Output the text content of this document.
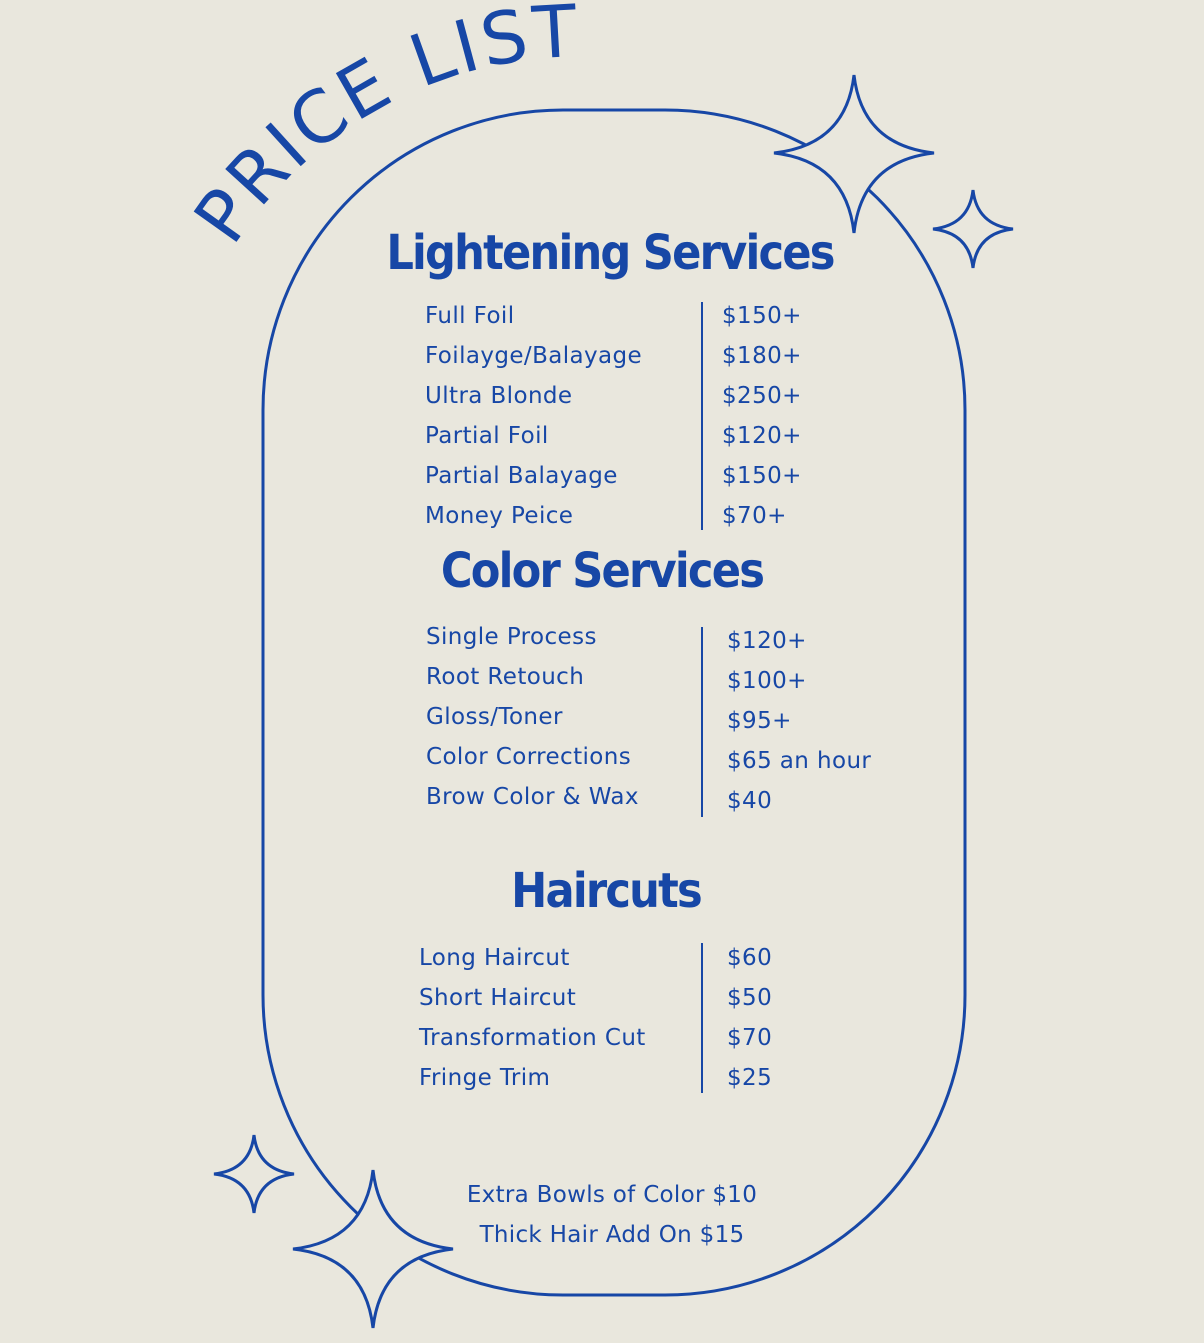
PRICE LIST
Lightening Services
Color Services
Haircuts
Full Foil	$150+
Foilayge/Balayage	$180+
Ultra Blonde	$250+
Partial Foil	$120+
Partial Balayage	$150+
Money Peice	$70+
Single Process	$120+
Root Retouch	$100+
Gloss/Toner	$95+
Color Corrections	$65 an hour
Brow Color & Wax	$40
Long Haircut	$60
Short Haircut	$50
Transformation Cut	$70
Fringe Trim	$25
Extra Bowls of Color $10
Thick Hair Add On $15
